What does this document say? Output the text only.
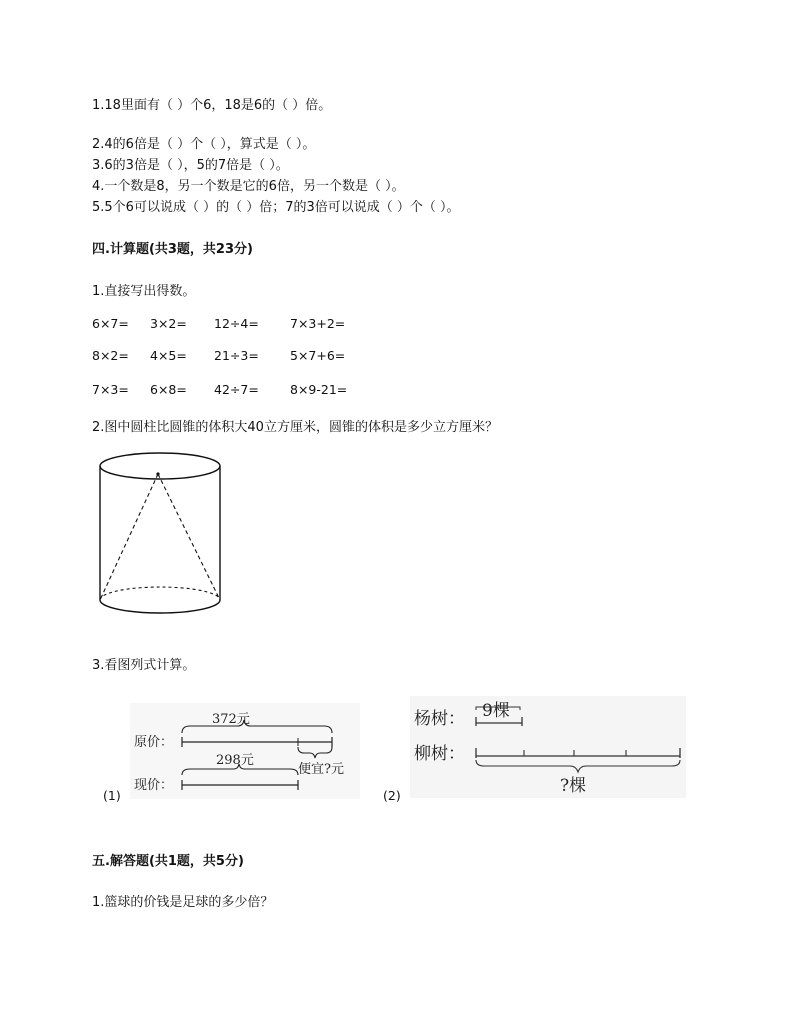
1.18里面有（ ）个6，18是6的（ ）倍。
2.4的6倍是（ ）个（ ），算式是（ ）。
3.6的3倍是（ ），5的7倍是（ ）。
4.一个数是8，另一个数是它的6倍，另一个数是（ ）。
5.5个6可以说成（ ）的（ ）倍；7的3倍可以说成（ ）个（ ）。
四.计算题(共3题，共23分)
1.直接写出得数。
6×7= 3×2= 12÷4= 7×3+2=
8×2= 4×5= 21÷3= 5×7+6=
7×3= 6×8= 42÷7= 8×9-21=
2.图中圆柱比圆锥的体积大40立方厘米，圆锥的体积是多少立方厘米？
3.看图列式计算。
(1)
372元
原价：
便宜?元
298元
现价：
(2)
杨树： 9棵
柳树：
?棵
五.解答题(共1题，共5分)
1.篮球的价钱是足球的多少倍？
